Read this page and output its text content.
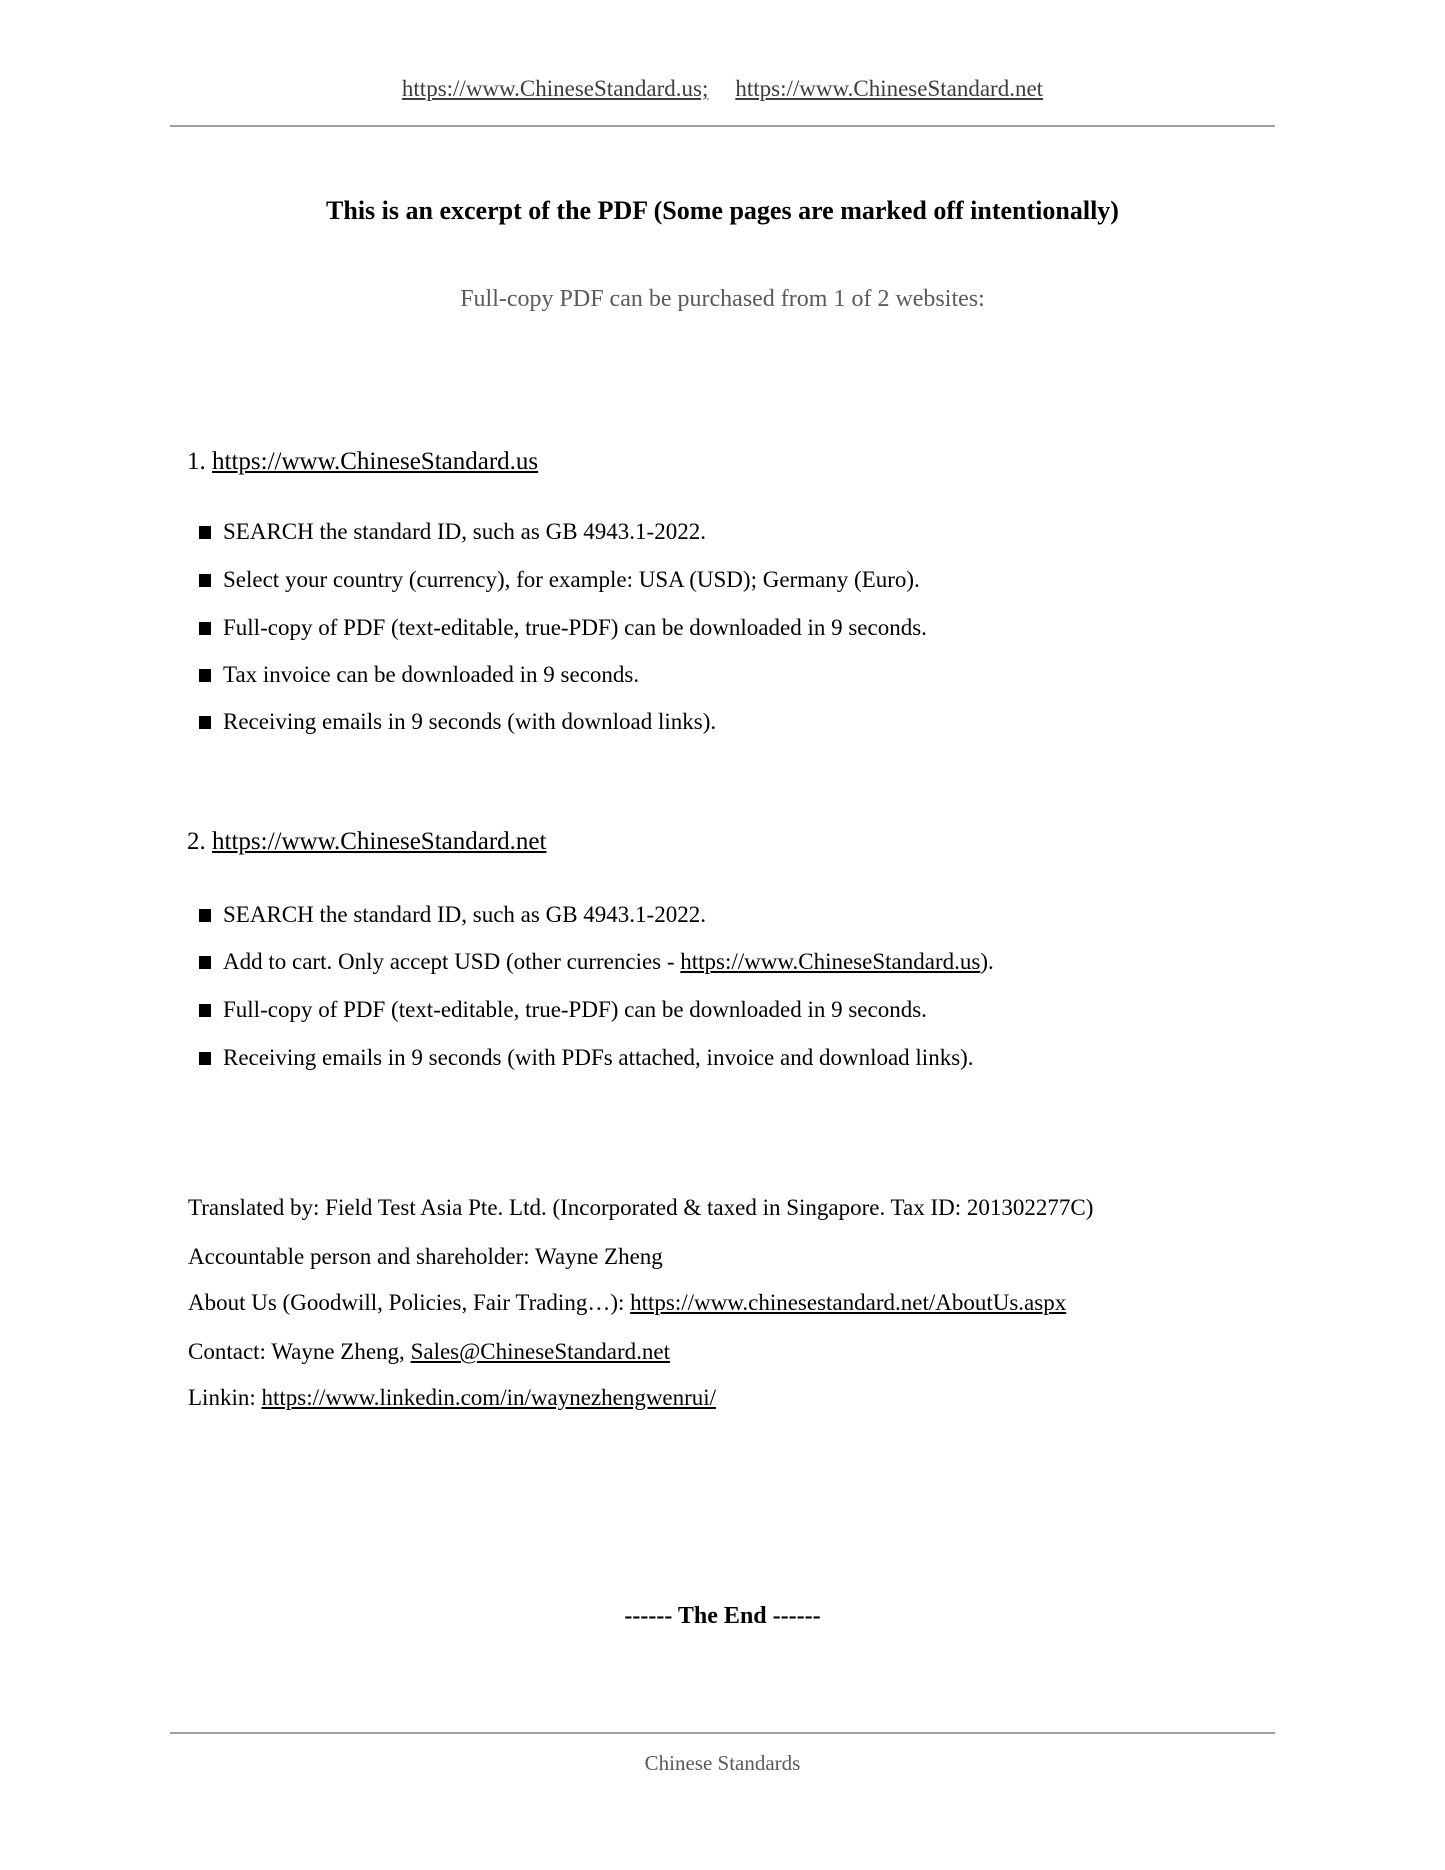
https://www.ChineseStandard.us; https://www.ChineseStandard.net
This is an excerpt of the PDF (Some pages are marked off intentionally)
Full-copy PDF can be purchased from 1 of 2 websites:
1. https://www.ChineseStandard.us
SEARCH the standard ID, such as GB 4943.1-2022.
Select your country (currency), for example: USA (USD); Germany (Euro).
Full-copy of PDF (text-editable, true-PDF) can be downloaded in 9 seconds.
Tax invoice can be downloaded in 9 seconds.
Receiving emails in 9 seconds (with download links).
2. https://www.ChineseStandard.net
SEARCH the standard ID, such as GB 4943.1-2022.
Add to cart. Only accept USD (other currencies - https://www.ChineseStandard.us).
Full-copy of PDF (text-editable, true-PDF) can be downloaded in 9 seconds.
Receiving emails in 9 seconds (with PDFs attached, invoice and download links).
Translated by: Field Test Asia Pte. Ltd. (Incorporated & taxed in Singapore. Tax ID: 201302277C)
Accountable person and shareholder: Wayne Zheng
About Us (Goodwill, Policies, Fair Trading…): https://www.chinesestandard.net/AboutUs.aspx
Contact: Wayne Zheng, Sales@ChineseStandard.net
Linkin: https://www.linkedin.com/in/waynezhengwenrui/
------ The End ------
Chinese Standards
